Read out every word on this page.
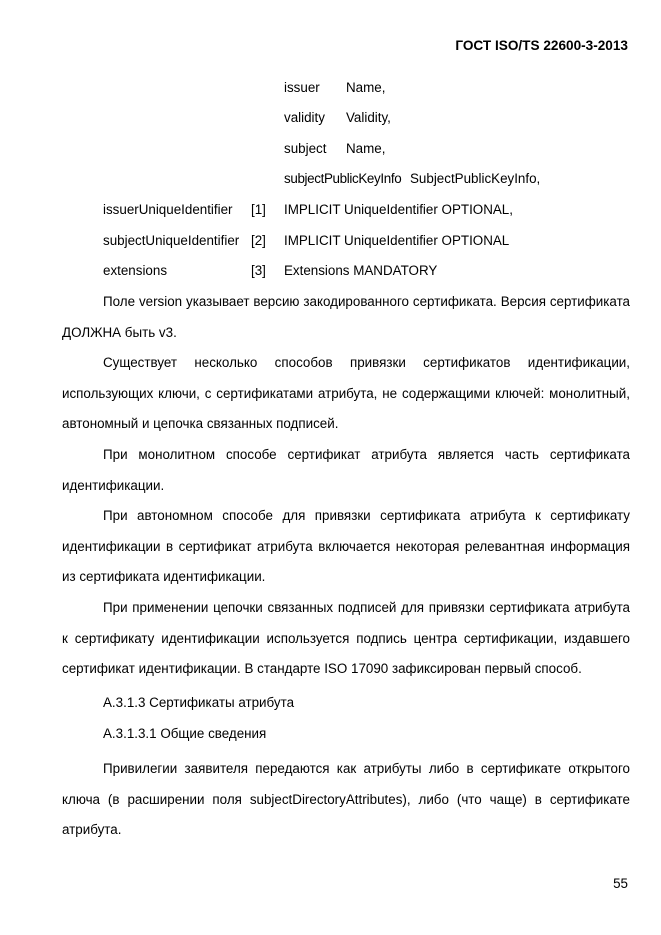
ГОСТ ISO/TS 22600-3-2013
issuer Name,
validity Validity,
subject Name,
subjectPublicKeyInfo SubjectPublicKeyInfo,
issuerUniqueIdentifier [1] IMPLICIT UniqueIdentifier OPTIONAL,
subjectUniqueIdentifier [2] IMPLICIT UniqueIdentifier OPTIONAL
extensions	[3] Extensions MANDATORY

Поле version указывает версию закодированного сертификата. Версия сертификата ДОЛЖНА быть v3.

Существует несколько способов привязки сертификатов идентификации, использующих ключи, с сертификатами атрибута, не содержащими ключей: монолитный, автономный и цепочка связанных подписей.

При монолитном способе сертификат атрибута является часть сертификата идентификации.

При автономном способе для привязки сертификата атрибута к сертификату идентификации в сертификат атрибута включается некоторая релевантная информация из сертификата идентификации.

При применении цепочки связанных подписей для привязки сертификата атрибута к сертификату идентификации используется подпись центра сертификации, издавшего сертификат идентификации. В стандарте ISO 17090 зафиксирован первый способ.

А.3.1.3 Сертификаты атрибута
А.3.1.3.1 Общие сведения

Привилегии заявителя передаются как атрибуты либо в сертификате открытого ключа (в расширении поля subjectDirectoryAttributes), либо (что чаще) в сертификате атрибута.

55
